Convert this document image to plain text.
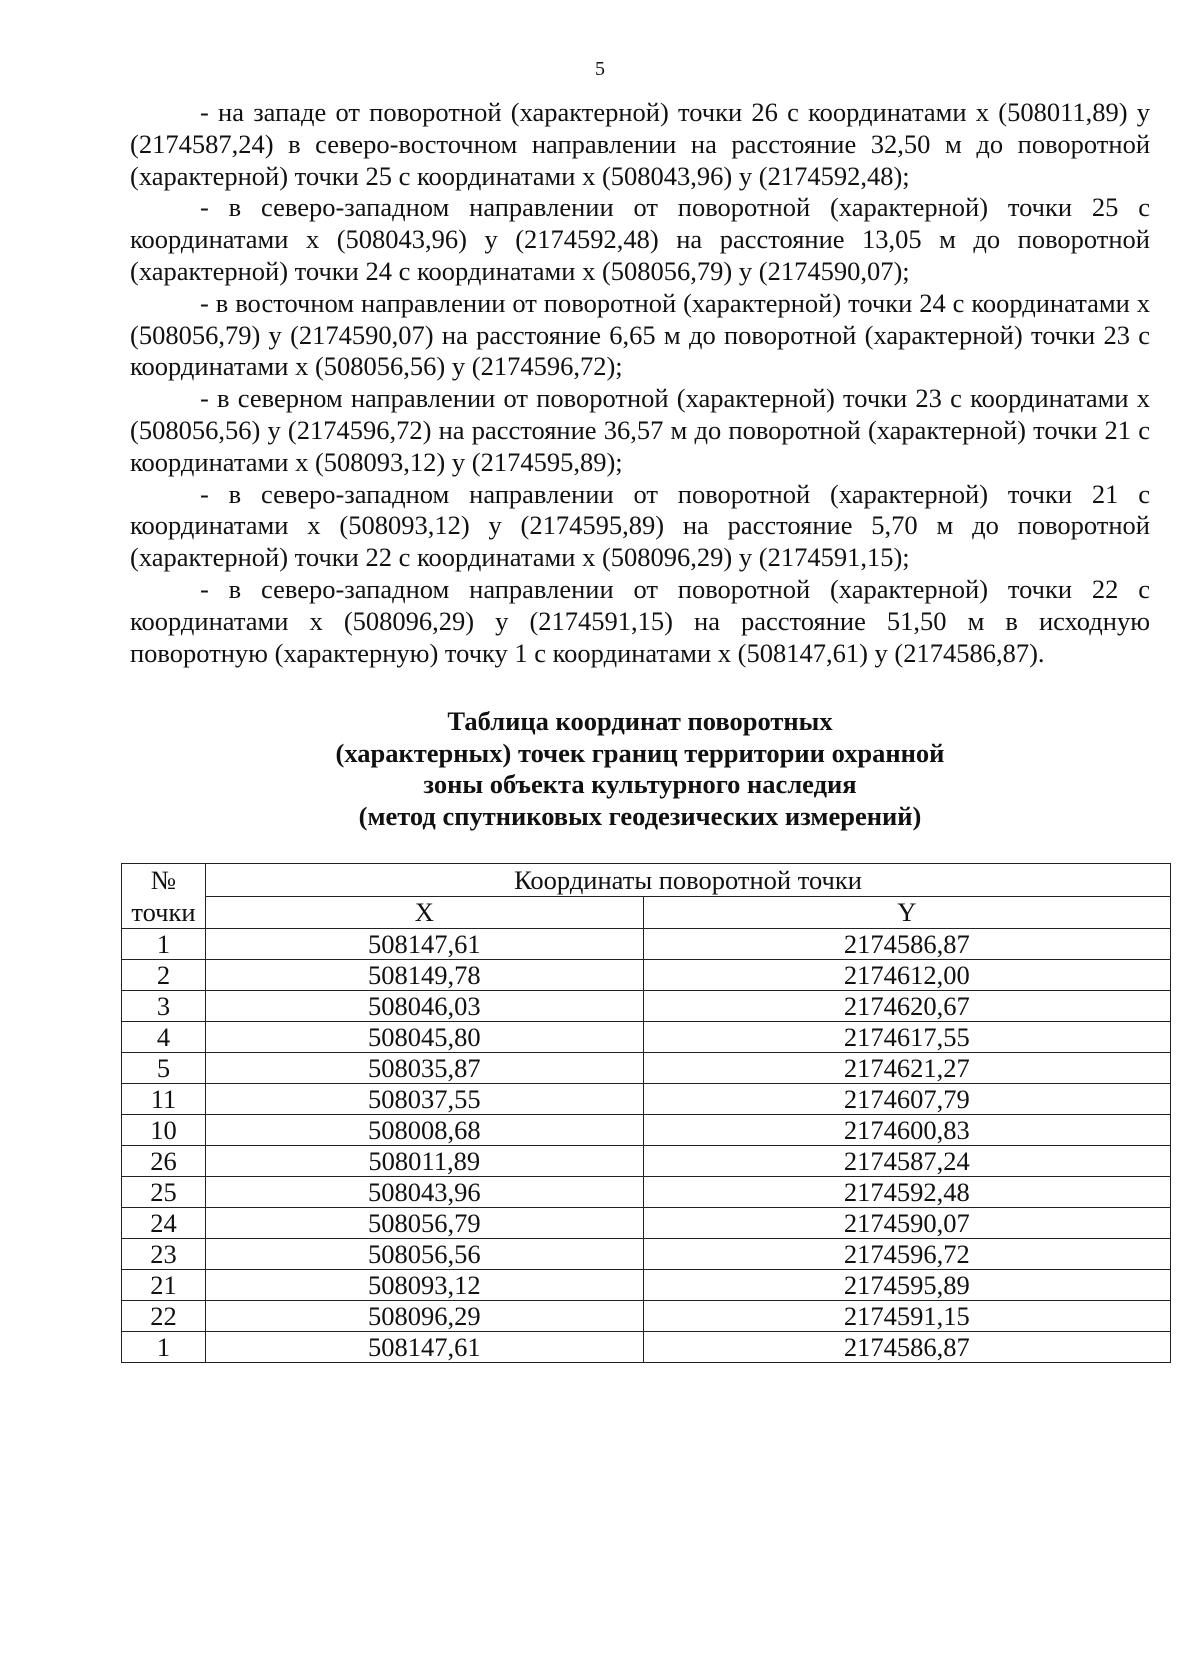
5

- на западе от поворотной (характерной) точки 26 с координатами x (508011,89) y (2174587,24) в северо-восточном направлении на расстояние 32,50 м до поворотной (характерной) точки 25 с координатами x (508043,96) y (2174592,48);

- в северо-западном направлении от поворотной (характерной) точки 25 с координатами x (508043,96) y (2174592,48) на расстояние 13,05 м до поворотной (характерной) точки 24 с координатами x (508056,79) y (2174590,07);

- в восточном направлении от поворотной (характерной) точки 24 с координатами x (508056,79) y (2174590,07) на расстояние 6,65 м до поворотной (характерной) точки 23 с координатами x (508056,56) y (2174596,72);

- в северном направлении от поворотной (характерной) точки 23 с координатами x (508056,56) y (2174596,72) на расстояние 36,57 м до поворотной (характерной) точки 21 с координатами x (508093,12) y (2174595,89);

- в северо-западном направлении от поворотной (характерной) точки 21 с координатами x (508093,12) y (2174595,89) на расстояние 5,70 м до поворотной (характерной) точки 22 с координатами x (508096,29) y (2174591,15);

- в северо-западном направлении от поворотной (характерной) точки 22 с координатами x (508096,29) y (2174591,15) на расстояние 51,50 м в исходную поворотную (характерную) точку 1 с координатами x (508147,61) y (2174586,87).

Таблица координат поворотных
(характерных) точек границ территории охранной
зоны объекта культурного наследия
(метод спутниковых геодезических измерений)
№
точки	Координаты поворотной точки	
	X	Y
1	508147,61	2174586,87
2	508149,78	2174612,00
3	508046,03	2174620,67
4	508045,80	2174617,55
5	508035,87	2174621,27
11	508037,55	2174607,79
10	508008,68	2174600,83
26	508011,89	2174587,24
25	508043,96	2174592,48
24	508056,79	2174590,07
23	508056,56	2174596,72
21	508093,12	2174595,89
22	508096,29	2174591,15
1	508147,61	2174586,87
